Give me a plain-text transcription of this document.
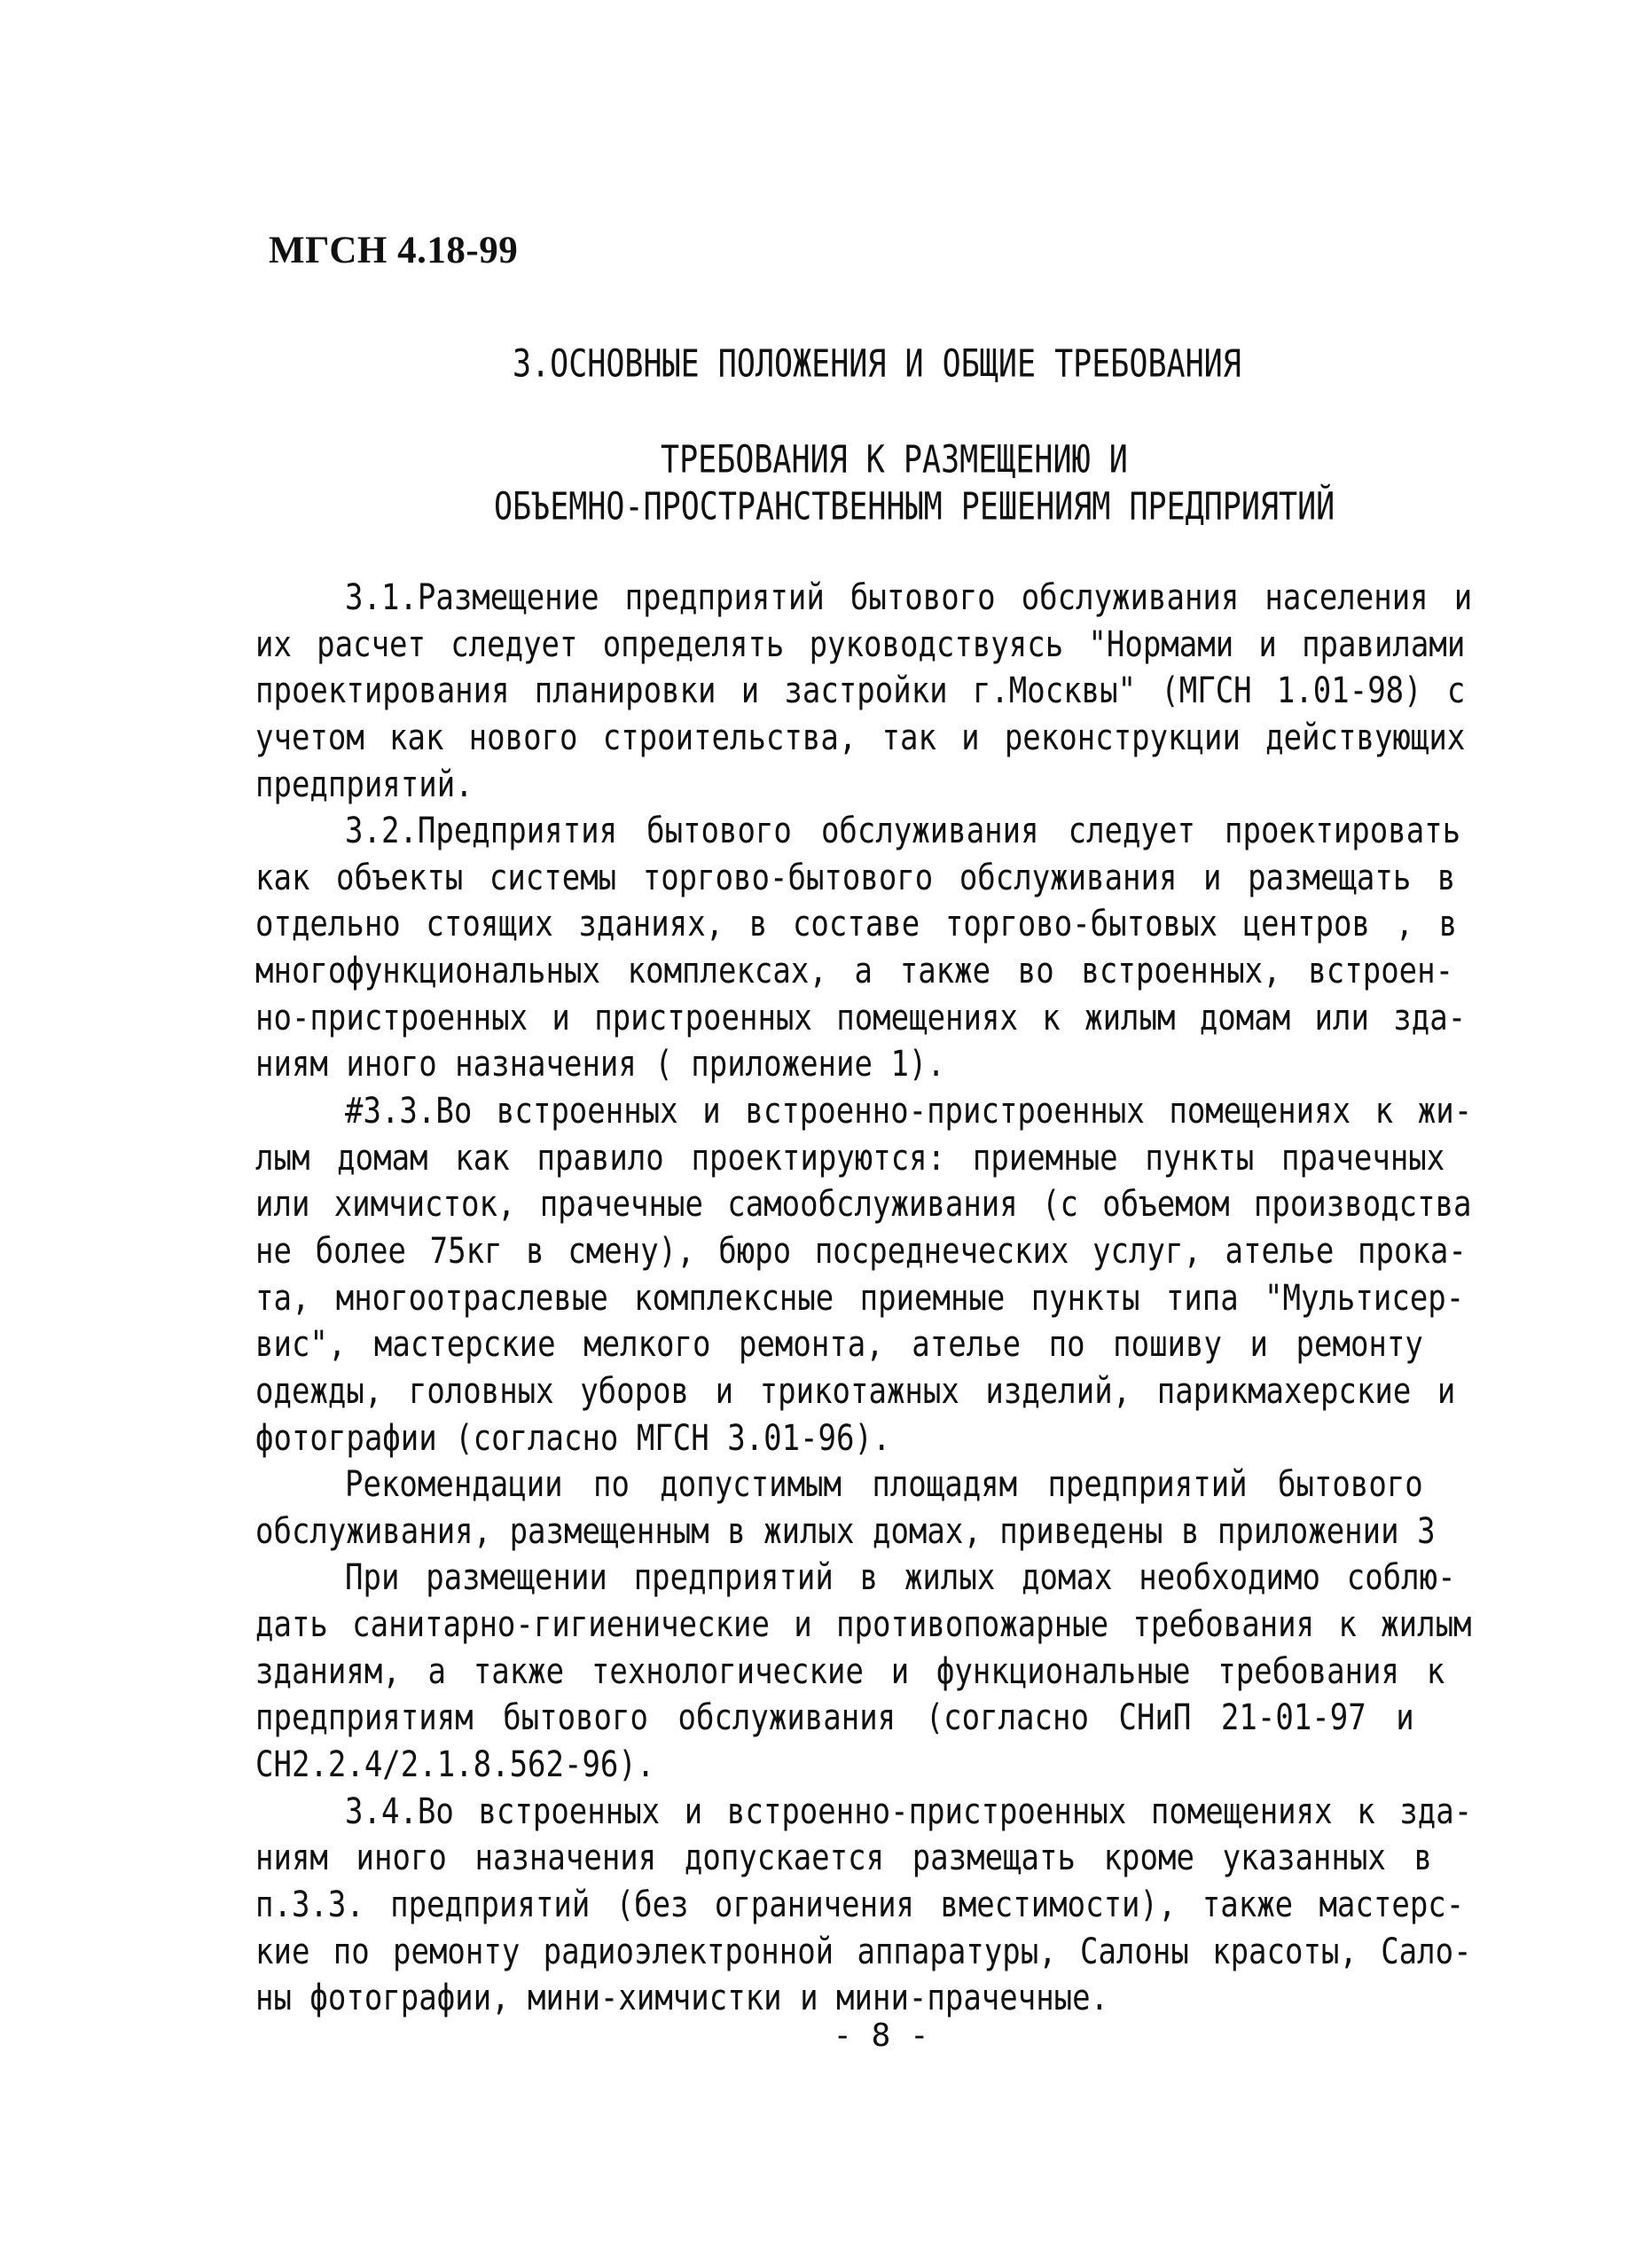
МГСН 4.18-99
3.ОСНОВНЫЕ ПОЛОЖЕНИЯ И ОБЩИЕ ТРЕБОВАНИЯ
ТРЕБОВАНИЯ К РАЗМЕЩЕНИЮ И
ОБЪЕМНО-ПРОСТРАНСТВЕННЫМ РЕШЕНИЯМ ПРЕДПРИЯТИЙ
3.1.Размещение предприятий бытового обслуживания населения и
их расчет следует определять руководствуясь "Нормами и правилами
проектирования планировки и застройки г.Москвы" (МГСН 1.01-98) с
учетом как нового строительства, так и реконструкции действующих
предприятий.
3.2.Предприятия бытового обслуживания следует проектировать
как объекты системы торгово-бытового обслуживания и размещать в
отдельно стоящих зданиях, в составе торгово-бытовых центров , в
многофункциональных комплексах, а также во встроенных, встроен-
но-пристроенных и пристроенных помещениях к жилым домам или зда-
ниям иного назначения ( приложение 1).
#3.3.Во встроенных и встроенно-пристроенных помещениях к жи-
лым домам как правило проектируются: приемные пункты прачечных
или химчисток, прачечные самообслуживания (с объемом производства
не более 75кг в смену), бюро посреднеческих услуг, ателье прока-
та, многоотраслевые комплексные приемные пункты типа "Мультисер-
вис", мастерские мелкого ремонта, ателье по пошиву и ремонту
одежды, головных уборов и трикотажных изделий, парикмахерские и
фотографии (согласно МГСН 3.01-96).
Рекомендации по допустимым площадям предприятий бытового
обслуживания, размещенным в жилых домах, приведены в приложении 3
При размещении предприятий в жилых домах необходимо соблю-
дать санитарно-гигиенические и противопожарные требования к жилым
зданиям, а также технологические и функциональные требования к
предприятиям бытового обслуживания (согласно СНиП 21-01-97 и
СН2.2.4/2.1.8.562-96).
3.4.Во встроенных и встроенно-пристроенных помещениях к зда-
ниям иного назначения допускается размещать кроме указанных в
п.3.3. предприятий (без ограничения вместимости), также мастерс-
кие по ремонту радиоэлектронной аппаратуры, Салоны красоты, Сало-
ны фотографии, мини-химчистки и мини-прачечные.
- 8 -
